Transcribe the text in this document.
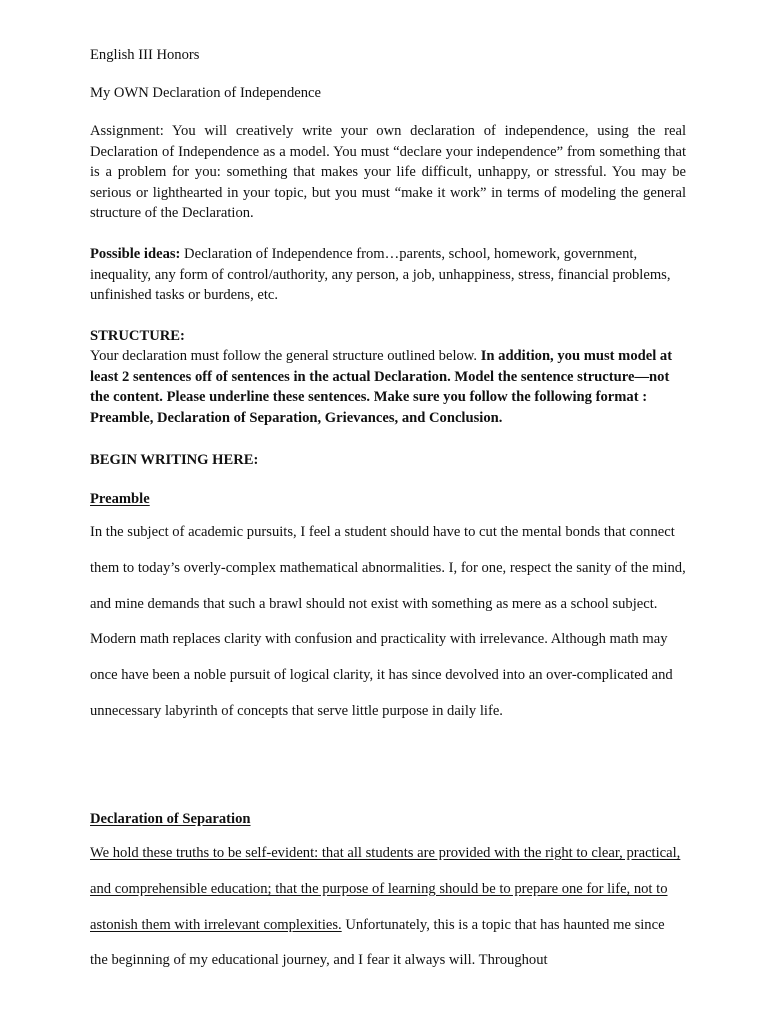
English III Honors
My OWN Declaration of Independence
Assignment: You will creatively write your own declaration of independence, using the real Declaration of Independence as a model. You must “declare your independence” from something that is a problem for you: something that makes your life difficult, unhappy, or stressful. You may be serious or lighthearted in your topic, but you must “make it work” in terms of modeling the general structure of the Declaration.
Possible ideas: Declaration of Independence from…parents, school, homework, government, inequality, any form of control/authority, any person, a job, unhappiness, stress, financial problems, unfinished tasks or burdens, etc.
STRUCTURE:
Your declaration must follow the general structure outlined below. In addition, you must model at least 2 sentences off of sentences in the actual Declaration. Model the sentence structure—not the content. Please underline these sentences. Make sure you follow the following format : Preamble, Declaration of Separation, Grievances, and Conclusion.
BEGIN WRITING HERE:
Preamble
In the subject of academic pursuits, I feel a student should have to cut the mental bonds that connect them to today’s overly-complex mathematical abnormalities. I, for one, respect the sanity of the mind, and mine demands that such a brawl should not exist with something as mere as a school subject. Modern math replaces clarity with confusion and practicality with irrelevance. Although math may once have been a noble pursuit of logical clarity, it has since devolved into an over-complicated and unnecessary labyrinth of concepts that serve little purpose in daily life.
Declaration of Separation
We hold these truths to be self-evident: that all students are provided with the right to clear, practical, and comprehensible education; that the purpose of learning should be to prepare one for life, not to astonish them with irrelevant complexities. Unfortunately, this is a topic that has haunted me since the beginning of my educational journey, and I fear it always will. Throughout
